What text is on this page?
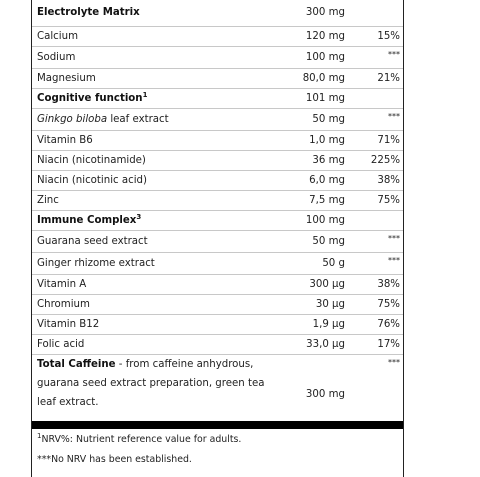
Electrolyte Matrix	300 mg	
Calcium	120 mg	15%
Sodium	100 mg	***
Magnesium	80,0 mg	21%
Cognitive function$^1$	101 mg	
Ginkgo biloba leaf extract	50 mg	***
Vitamin B6	1,0 mg	71%
Niacin (nicotinamide)	36 mg	225%
Niacin (nicotinic acid)	6,0 mg	38%
Zinc	7,5 mg	75%
Immune Complex$^3$	100 mg	
Guarana seed extract	50 mg	***
Ginger rhizome extract	50 g	***
Vitamin A	300 µg	38%
Chromium	30 µg	75%
Vitamin B12	1,9 µg	76%
Folic acid	33,0 µg	17%

Total Caffeine - from caffeine anhydrous, guarana seed extract preparation, green tea leaf extract.	300 mg	***
$^1$NRV%: Nutrient reference value for adults.
***No NRV has been established.
